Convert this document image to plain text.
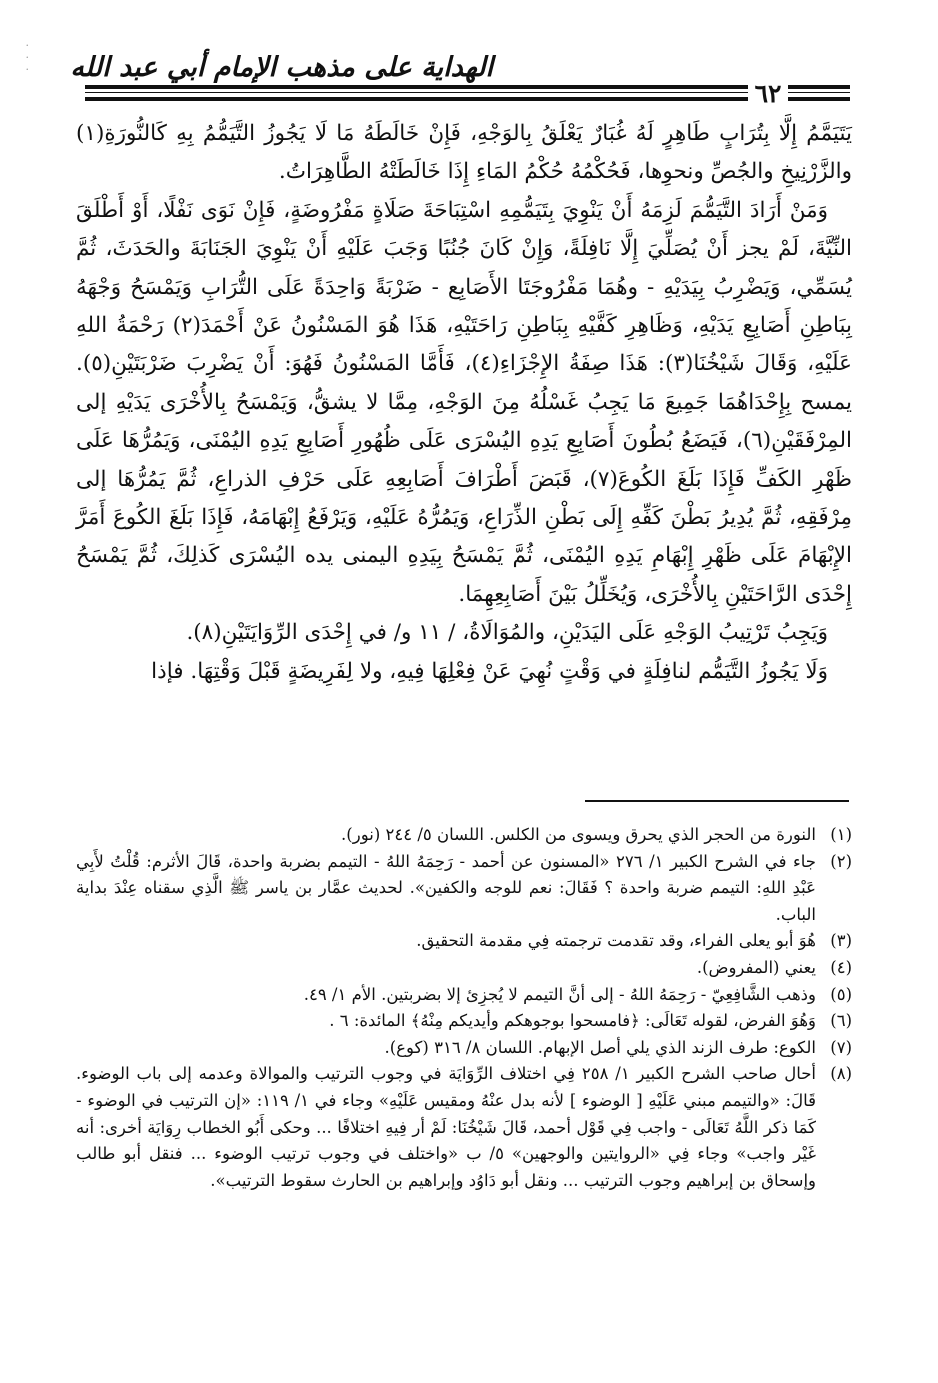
·
·
· الهداية على مذهب الإمام أبي عبد الله
٦٢

يَتَيَمَّمُ إِلَّا بِتُرَابٍ طَاهِرٍ لَهُ غُبَارٌ يَعْلَقُ بِالوَجْهِ، فَإِنْ خَالَطَهُ مَا لَا يَجُوزُ التَّيَمُّمُ بِهِ كَالنُّورَةِ(١) والزَّرْنِيخِ والجُصِّ ونحوِها، فَحُكْمُهُ حُكْمُ المَاءِ إِذَا خَالَطَتْهُ الطَّاهِرَاتُ.

وَمَنْ أَرَادَ التَّيَمُّمَ لَزِمَهُ أَنْ يَنْوِيَ بِتَيَمُّمِهِ اسْتِبَاحَةَ صَلَاةٍ مَفْرُوضَةٍ، فَإِنْ نَوَى نَفْلًا، أَوْ أَطْلَقَ النِّيَّةَ، لَمْ يجز أَنْ يُصَلِّيَ إِلَّا نَافِلَةً، وَإِنْ كَانَ جُنُبًا وَجَبَ عَلَيْهِ أَنْ يَنْوِيَ الجَنَابَةَ والحَدَثَ، ثُمَّ يُسَمِّي، وَيَضْرِبُ بِيَدَيْهِ - وهُمَا مَفْرُوجَتَا الأَصَابِع - ضَرْبَةً وَاحِدَةً عَلَى التُّرَابِ وَيَمْسَحُ وَجْهَهُ بِبَاطِنِ أَصَابِعِ يَدَيْهِ، وَظَاهِرِ كَفَّيْهِ بِبَاطِنِ رَاحَتَيْهِ، هَذَا هُوَ المَسْنُونُ عَنْ أَحْمَدَ(٢) رَحْمَةُ اللهِ عَلَيْهِ، وَقَالَ شَيْخُنَا(٣): هَذَا صِفَةُ الإِجْزَاءِ(٤)، فَأَمَّا المَسْنُونُ فَهُوَ: أَنْ يَضْرِبَ ضَرْبَتَيْنِ(٥). يمسح بِإِحْدَاهُمَا جَمِيعَ مَا يَجِبُ غَسْلُهُ مِنَ الوَجْهِ، مِمَّا لا يشقُّ، وَيَمْسَحُ بِالأُخْرَى يَدَيْهِ إلى المِرْفَقَيْنِ(٦)، فَيَضَعُ بُطُونَ أَصَابِعِ يَدِهِ اليُسْرَى عَلَى ظُهُورِ أَصَابِعِ يَدِهِ اليُمْنَى، وَيَمُرُّهَا عَلَى ظَهْرِ الكَفِّ فَإِذَا بَلَغَ الكُوعَ(٧)، قَبَضَ أَطْرَافَ أَصَابِعِهِ عَلَى حَرْفِ الذراعِ، ثُمَّ يَمُرُّهَا إلى مِرْفَقِهِ، ثُمَّ يُدِيرُ بَطْنَ كَفِّهِ إِلَى بَطْنِ الذِّرَاعِ، وَيَمُرُّهُ عَلَيْهِ، وَيَرْفَعُ إِبْهَامَهُ، فَإِذَا بَلَغَ الكُوعَ أَمَرَّ الإِبْهَامَ عَلَى ظَهْرِ إِبْهَامِ يَدِهِ اليُمْنَى، ثُمَّ يَمْسَحُ بِيَدِهِ اليمنى يده اليُسْرَى كَذلِكَ، ثُمَّ يَمْسَحُ إِحْدَى الرَّاحَتَيْنِ بِالأُخْرَى، وَيُخَلِّلُ بَيْنَ أَصَابِعِهِمَا.

وَيَجِبُ تَرْتِيبُ الوَجْهِ عَلَى اليَدَيْنِ، والمُوَالَاةُ، / ١١ و/ في إِحْدَى الرِّوَايَتَيْنِ(٨).

وَلَا يَجُوزُ التَّيَمُّم لنافِلَةٍ في وَقْتٍ نُهِيَ عَنْ فِعْلِهَا فِيهِ، ولا لِفَرِيضَةٍ قَبْلَ وَقْتِهَا. فإذا

(١)
النورة من الحجر الذي يحرق ويسوى من الكلس. اللسان ٥/ ٢٤٤ (نور).
(٢)
جاء في الشرح الكبير ١/ ٢٧٦ «المسنون عن أحمد - رَحِمَهُ اللهُ - التيمم بضربة واحدة، قَالَ الأثرم: قُلْتُ لأَبِي عَبْدِ اللهِ: التيمم ضربة واحدة ؟ فَقَالَ: نعم للوجه والكفين». لحديث عمَّار بن ياسر ﷺ الَّذِي سقناه عِنْدَ بداية الباب.
(٣)
هُوَ أبو يعلى الفراء، وقد تقدمت ترجمته فِي مقدمة التحقيق.
(٤)
يعني (المفروض).
(٥)
وذهب الشَّافِعِيّ - رَحِمَهُ اللهُ - إلى أنَّ التيمم لا يُجزِئ إلا بضربتين. الأم ١/ ٤٩.
(٦)
وَهُوَ الفرض، لقوله تَعَالَى: ﴿فامسحوا بوجوهكم وأيديكم مِنْهُ﴾ المائدة: ٦ .
(٧)
الكوع: طرف الزند الذي يلي أصل الإبهام. اللسان ٨/ ٣١٦ (كوع).
(٨)
أحال صاحب الشرح الكبير ١/ ٢٥٨ فِي اختلاف الرِّوَايَة في وجوب الترتيب والموالاة وعدمه إلى باب الوضوء. قَالَ: «والتيمم مبني عَلَيْهِ [ الوضوء ] لأنه بدل عنْهُ ومقيس عَلَيْهِ» وجاء في ١/ ١١٩: «إن الترتيب في الوضوء - كَمَا ذكر اللَّهُ تَعَالَى - واجب فِي قَوْل أحمد، قَالَ شَيْخُنَا: لَمْ أر فِيهِ اختلافًا ... وحكى أَبُو الخطاب رِوَايَة أخرى: أنه غَيْر واجب» وجاء فِي «الروايتين والوجهين» ٥/ ب «واختلف في وجوب ترتيب الوضوء ... فنقل أبو طالب وإسحاق بن إبراهيم وجوب الترتيب ... ونقل أبو دَاوُد وإبراهيم بن الحارث سقوط الترتيب».
